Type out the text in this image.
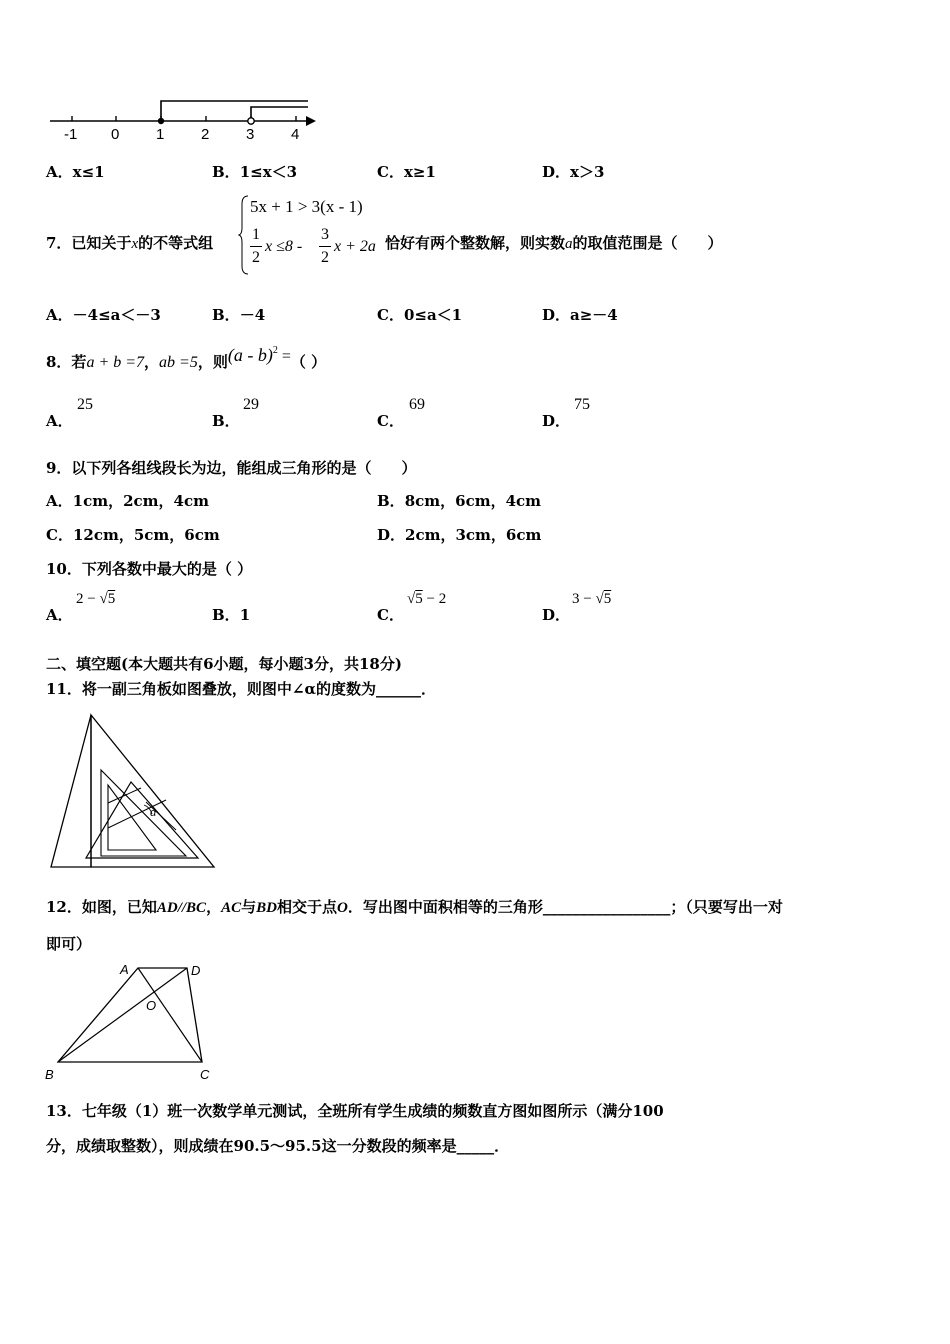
-1 0 1 2 3 4
A．x≤1	B．1≤x＜3	C．x≥1	D．x＞3
7．已知关于x的不等式组
5x + 1 > 3(x - 1)
1
2
x ≤8 -
3
2
x + 2a 恰好有两个整数解，则实数a的取值范围是（　　）
A．－4≤a＜－3	B．－4	C．0≤a＜1	D．a≥－4
8．若a + b =7，ab =5，则(a - b)$^2$ =（ ）
A．
25
B．
29
C．
69
D．
75
9．以下列各组线段长为边，能组成三角形的是（　　）
A．1cm，2cm，4cm	B．8cm，6cm，4cm
C．12cm，5cm，6cm	D．2cm，3cm，6cm
10．下列各数中最大的是（ ）
A．
2 − √5
B．1	C．
√5 − 2
D．
3 − √5
二、填空题(本大题共有6小题，每小题3分，共18分)
11．将一副三角板如图叠放，则图中∠α的度数为______．
α
12．如图，已知AD//BC，AC与BD相交于点O．写出图中面积相等的三角形_________________；（只要写出一对
即可）
A	D
O
B	C
13．七年级（1）班一次数学单元测试，全班所有学生成绩的频数直方图如图所示（满分100
分，成绩取整数），则成绩在90.5～95.5这一分数段的频率是_____．
